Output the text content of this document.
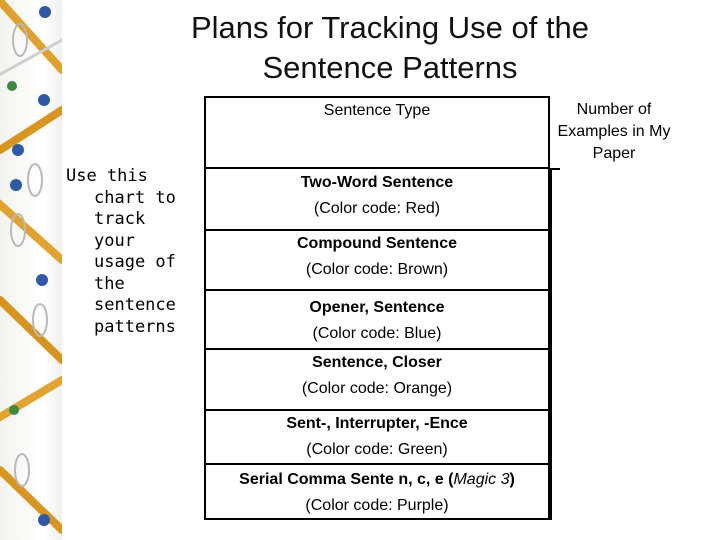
Plans for Tracking Use of the
Sentence Patterns
Use this
chart to track your usage of the sentence patterns
Sentence Type	Number of Examples in My Paper
Two-Word Sentence
(Color code: Red)
Compound Sentence
(Color code: Brown)
Opener, Sentence
(Color code: Blue)
Sentence, Closer
(Color code: Orange)
Sent-, Interrupter, -Ence
(Color code: Green)
Serial Comma Sente n, c, e (Magic 3)
(Color code: Purple)
